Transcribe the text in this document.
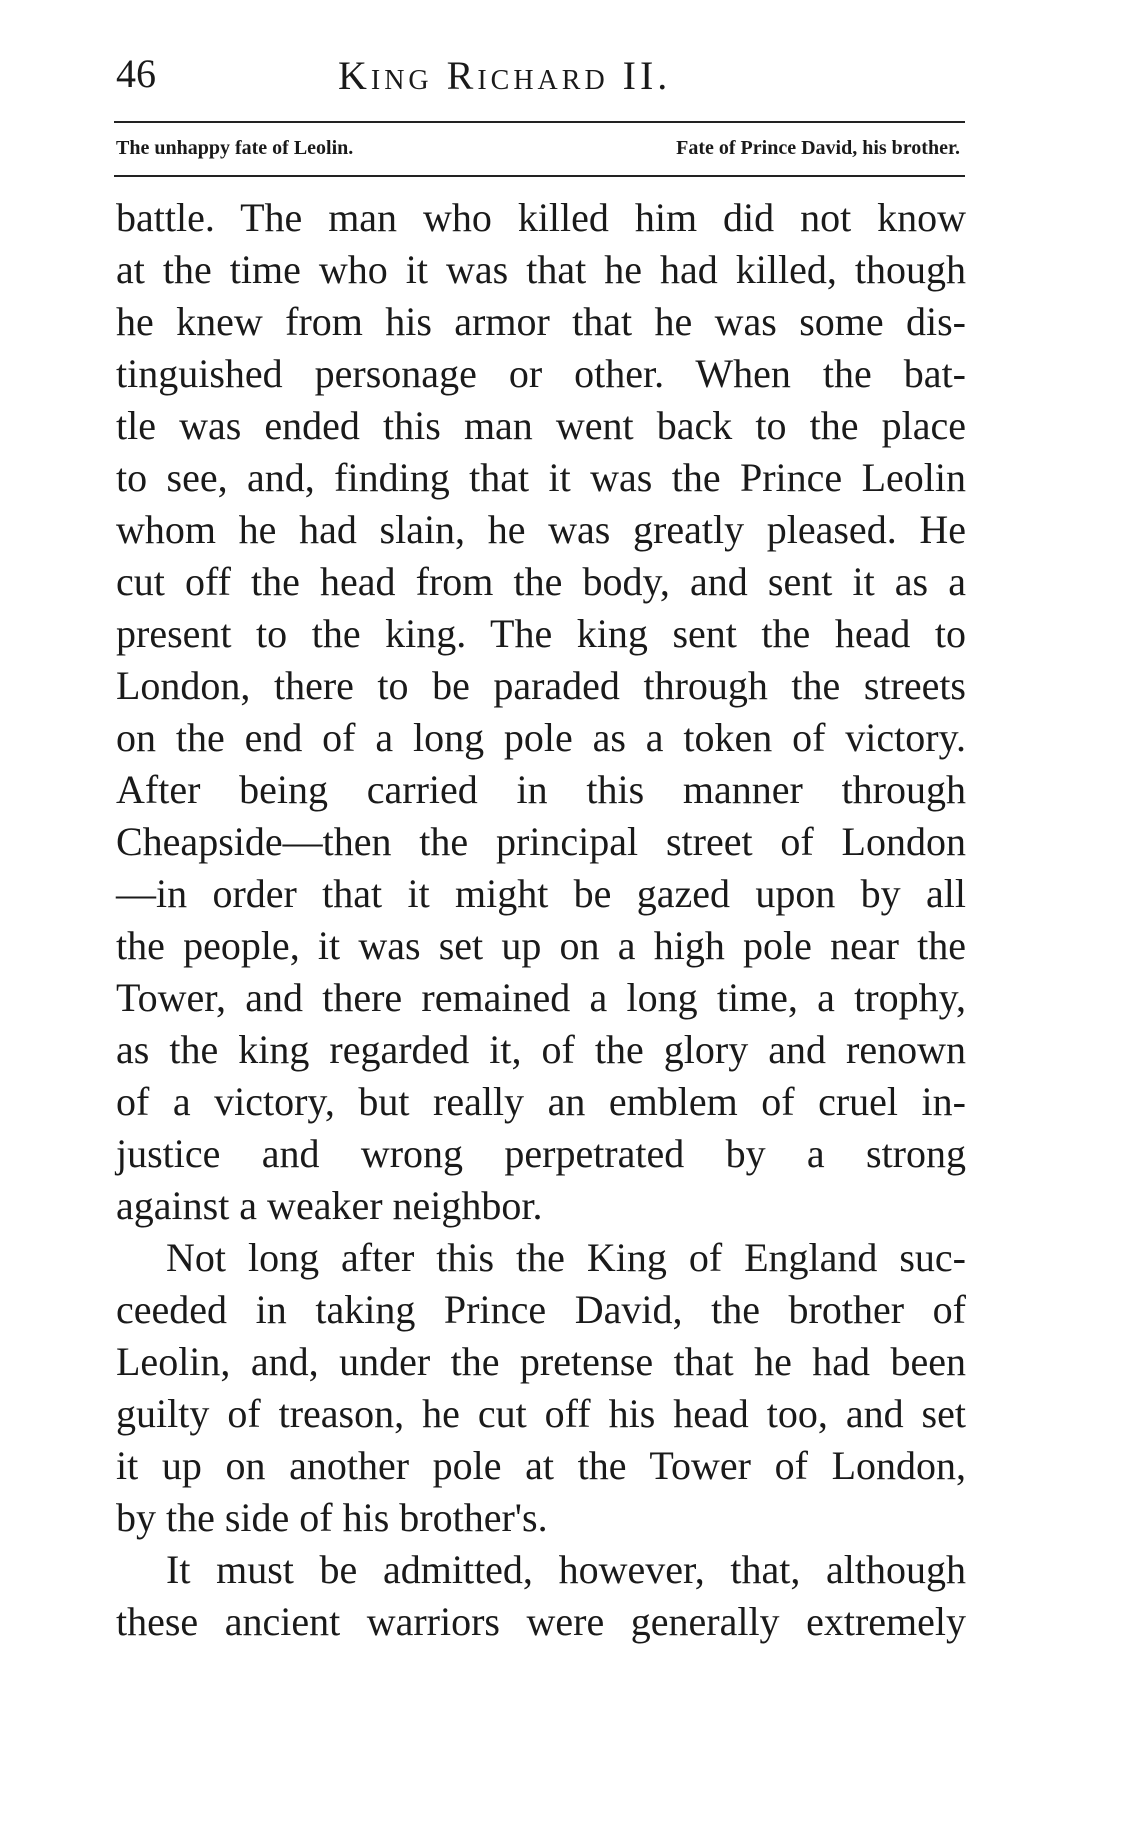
46	King Richard II.
The unhappy fate of Leolin.	Fate of Prince David, his brother.
battle. The man who killed him did not know
at the time who it was that he had killed, though
he knew from his armor that he was some dis-
tinguished personage or other. When the bat-
tle was ended this man went back to the place
to see, and, finding that it was the Prince Leolin
whom he had slain, he was greatly pleased. He
cut off the head from the body, and sent it as a
present to the king. The king sent the head to
London, there to be paraded through the streets
on the end of a long pole as a token of victory.
After being carried in this manner through
Cheapside—then the principal street of London
—in order that it might be gazed upon by all
the people, it was set up on a high pole near the
Tower, and there remained a long time, a trophy,
as the king regarded it, of the glory and renown
of a victory, but really an emblem of cruel in-
justice and wrong perpetrated by a strong
against a weaker neighbor.
Not long after this the King of England suc-
ceeded in taking Prince David, the brother of
Leolin, and, under the pretense that he had been
guilty of treason, he cut off his head too, and set
it up on another pole at the Tower of London,
by the side of his brother's.
It must be admitted, however, that, although
these ancient warriors were generally extremely
